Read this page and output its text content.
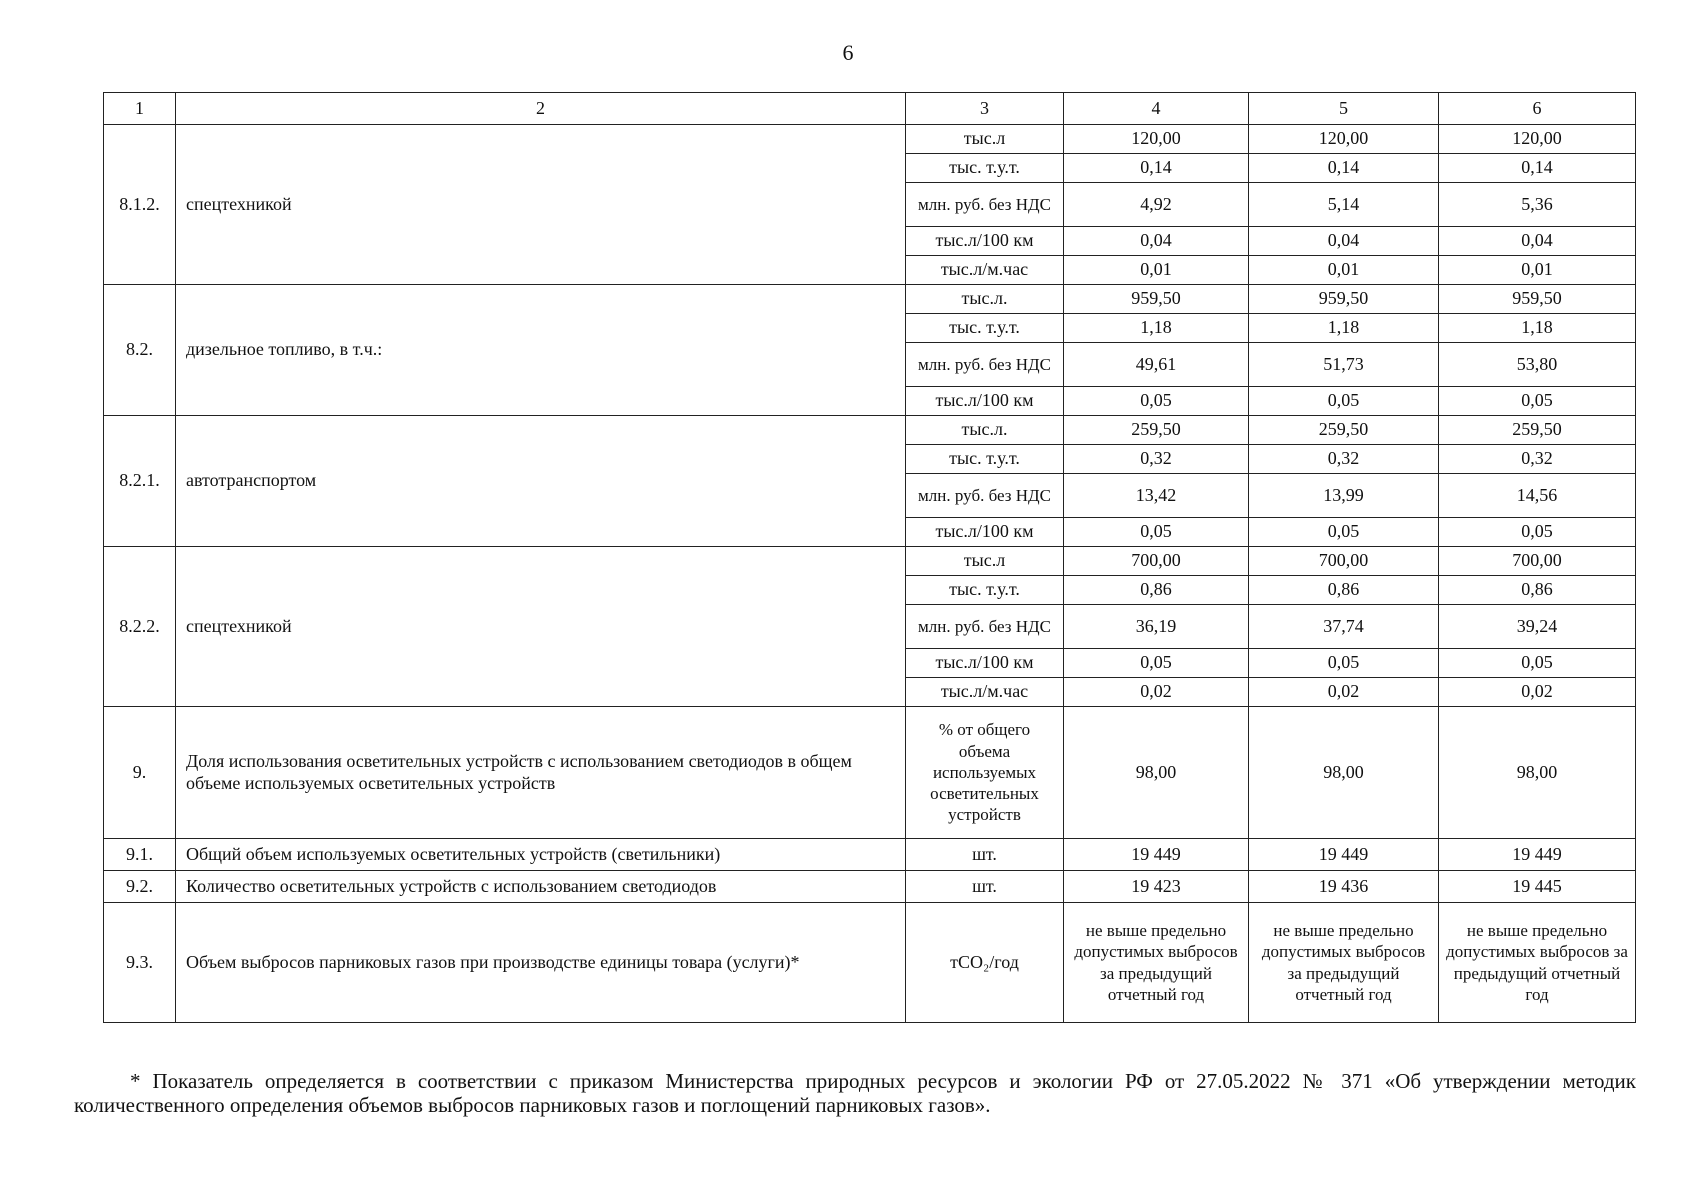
6
1	2	3	4	5	6
8.1.2.	спецтехникой	тыс.л	120,00	120,00	120,00
		тыс. т.у.т.	0,14	0,14	0,14
		млн. руб. без НДС	4,92	5,14	5,36
		тыс.л/100 км	0,04	0,04	0,04
		тыс.л/м.час	0,01	0,01	0,01
8.2.	дизельное топливо, в т.ч.:	тыс.л.	959,50	959,50	959,50
		тыс. т.у.т.	1,18	1,18	1,18
		млн. руб. без НДС	49,61	51,73	53,80
		тыс.л/100 км	0,05	0,05	0,05
8.2.1.	автотранспортом	тыс.л.	259,50	259,50	259,50
		тыс. т.у.т.	0,32	0,32	0,32
		млн. руб. без НДС	13,42	13,99	14,56
		тыс.л/100 км	0,05	0,05	0,05
8.2.2.	спецтехникой	тыс.л	700,00	700,00	700,00
		тыс. т.у.т.	0,86	0,86	0,86
		млн. руб. без НДС	36,19	37,74	39,24
		тыс.л/100 км	0,05	0,05	0,05
		тыс.л/м.час	0,02	0,02	0,02
9.	Доля использования осветительных устройств с использованием светодиодов в общем объеме используемых осветительных устройств	% от общего объема используемых осветительных устройств	98,00	98,00	98,00
9.1.	Общий объем используемых осветительных устройств (светильники)	шт.	19 449	19 449	19 449
9.2.	Количество осветительных устройств с использованием светодиодов	шт.	19 423	19 436	19 445
9.3.	Объем выбросов парниковых газов при производстве единицы товара (услуги)*	тCO₂/год	не выше предельно допустимых выбросов за предыдущий отчетный год	не выше предельно допустимых выбросов за предыдущий отчетный год	не выше предельно допустимых выбросов за предыдущий отчетный год
* Показатель определяется в соответствии с приказом Министерства природных ресурсов и экологии РФ от 27.05.2022 № 371 «Об утверждении методик количественного определения объемов выбросов парниковых газов и поглощений парниковых газов».
